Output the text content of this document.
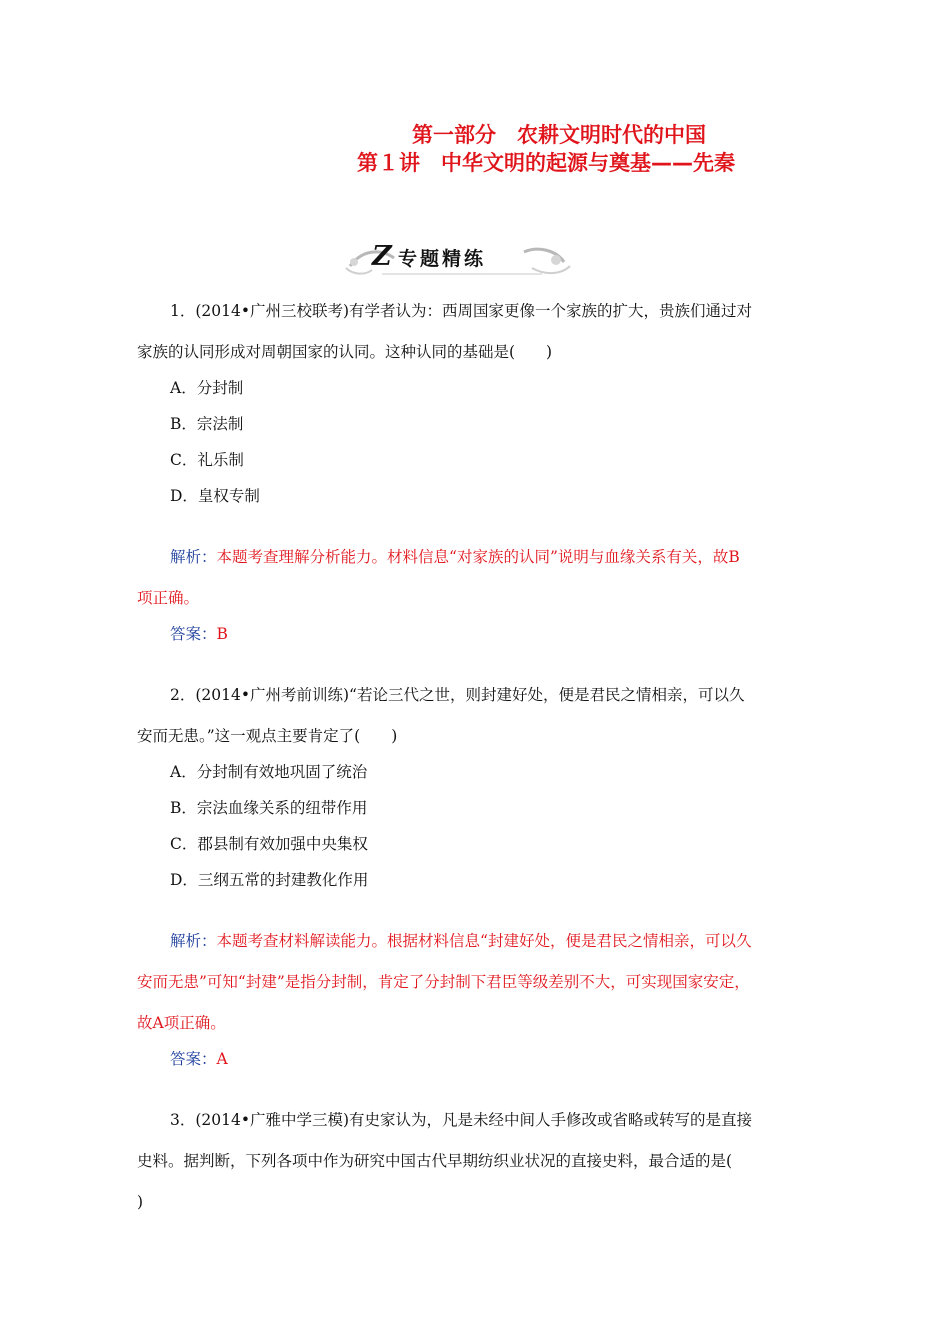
第一部分　农耕文明时代的中国
第１讲　中华文明的起源与奠基——先秦
Z 专题精练
1．(2014•广州三校联考)有学者认为：西周国家更像一个家族的扩大，贵族们通过对
家族的认同形成对周朝国家的认同。这种认同的基础是(　　)
A．分封制
B．宗法制
C．礼乐制
D．皇权专制
解析：本题考查理解分析能力。材料信息“对家族的认同”说明与血缘关系有关，故B
项正确。
答案：B
2．(2014•广州考前训练)“若论三代之世，则封建好处，便是君民之情相亲，可以久
安而无患。”这一观点主要肯定了(　　)
A．分封制有效地巩固了统治
B．宗法血缘关系的纽带作用
C．郡县制有效加强中央集权
D．三纲五常的封建教化作用
解析：本题考查材料解读能力。根据材料信息“封建好处，便是君民之情相亲，可以久
安而无患”可知“封建”是指分封制，肯定了分封制下君臣等级差别不大，可实现国家安定，
故A项正确。
答案：A
3．(2014•广雅中学三模)有史家认为，凡是未经中间人手修改或省略或转写的是直接
史料。据判断，下列各项中作为研究中国古代早期纺织业状况的直接史料，最合适的是(
)
